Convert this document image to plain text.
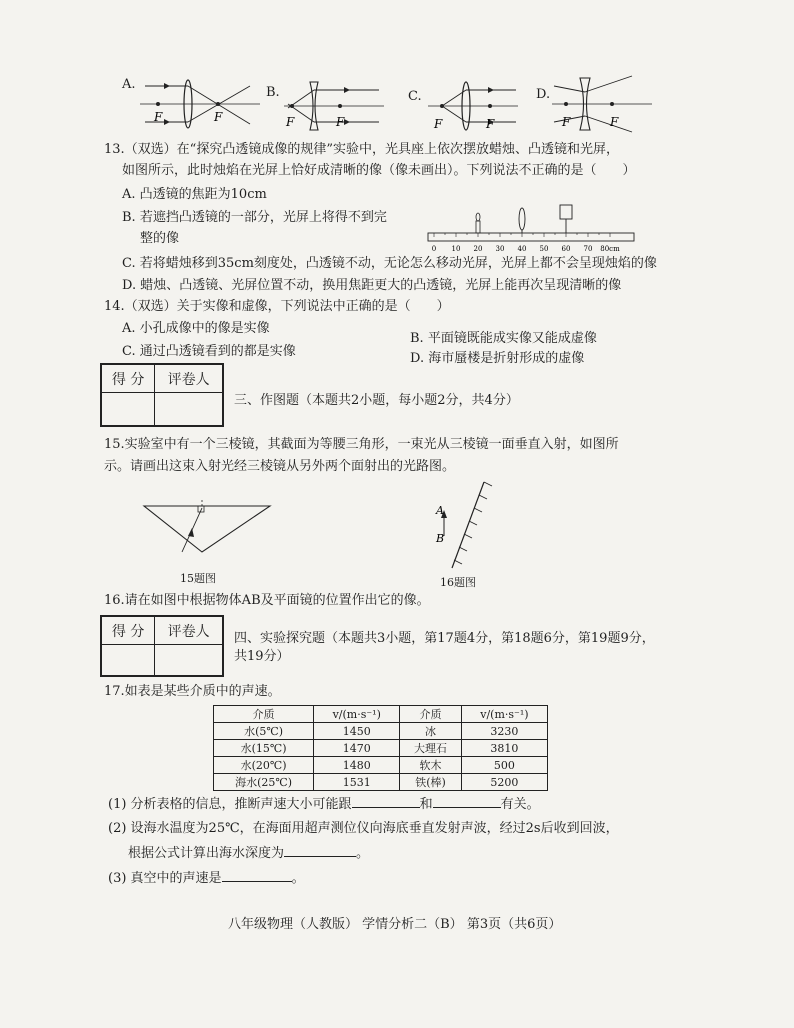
A.
F	F
B.
F	F
C.
F	F
D.
F	F
13.（双选）在“探究凸透镜成像的规律”实验中，光具座上依次摆放蜡烛、凸透镜和光屏，
如图所示，此时烛焰在光屏上恰好成清晰的像（像未画出）。下列说法不正确的是（　　）
A. 凸透镜的焦距为10cm
B. 若遮挡凸透镜的一部分，光屏上将得不到完
整的像
0 10 20 30 40 50 60 70 80cm
C. 若将蜡烛移到35cm刻度处，凸透镜不动，无论怎么移动光屏，光屏上都不会呈现烛焰的像
D. 蜡烛、凸透镜、光屏位置不动，换用焦距更大的凸透镜，光屏上能再次呈现清晰的像
14.（双选）关于实像和虚像，下列说法中正确的是（　　）
A. 小孔成像中的像是实像
B. 平面镜既能成实像又能成虚像
C. 通过凸透镜看到的都是实像	D. 海市蜃楼是折射形成的虚像
得 分	评卷人

三、作图题（本题共2小题，每小题2分，共4分）
15.实验室中有一个三棱镜，其截面为等腰三角形，一束光从三棱镜一面垂直入射，如图所
示。请画出这束入射光经三棱镜从另外两个面射出的光路图。
15题图
A
B
16题图
16.请在如图中根据物体AB及平面镜的位置作出它的像。
得 分	评卷人
	四、实验探究题（本题共3小题，第17题4分，第18题6分，第19题9分，
共19分）
17.如表是某些介质中的声速。
介质	v/(m·s⁻¹)	介质	v/(m·s⁻¹)
水(5℃)	1450	冰	3230
水(15℃)	1470	大理石	3810
水(20℃)	1480	软木	500
海水(25℃)	1531	铁(棒)	5200
(1) 分析表格的信息，推断声速大小可能跟	和	有关。
(2) 设海水温度为25℃，在海面用超声测位仪向海底垂直发射声波，经过2s后收到回波，
根据公式计算出海水深度为	。
(3) 真空中的声速是	。
八年级物理（人教版） 学情分析二（B） 第3页（共6页）
